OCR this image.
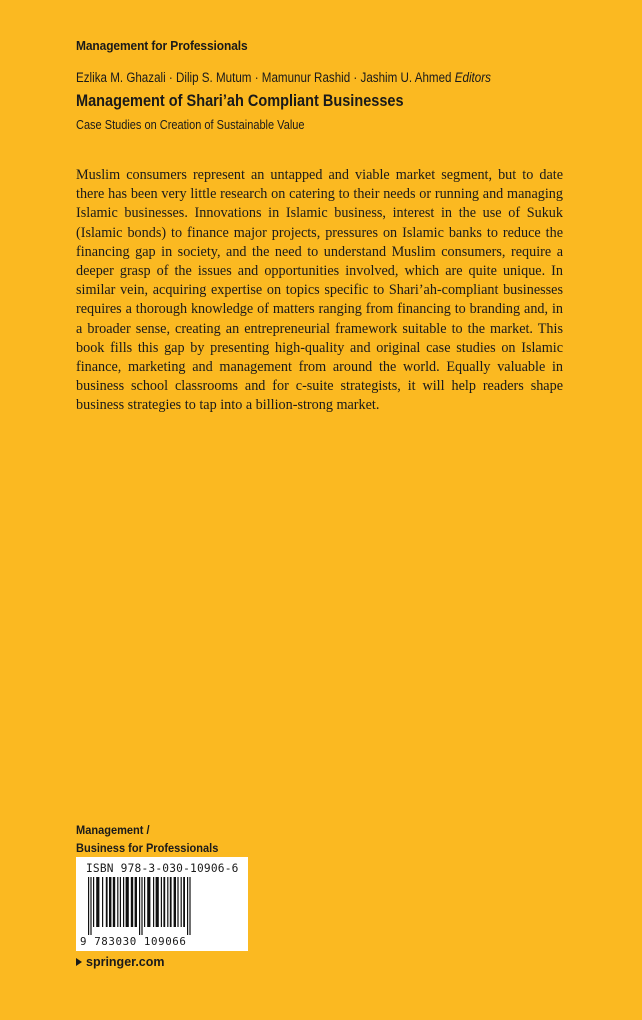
Management for Professionals
Ezlika M. Ghazali · Dilip S. Mutum · Mamunur Rashid · Jashim U. Ahmed Editors
Management of Shari’ah Compliant Businesses
Case Studies on Creation of Sustainable Value
Muslim consumers represent an untapped and viable market segment, but to date there has been very little research on catering to their needs or running and managing Islamic businesses. Innovations in Islamic business, interest in the use of Sukuk (Islamic bonds) to finance major projects, pressures on Islamic banks to reduce the financing gap in society, and the need to understand Muslim consumers, require a deeper grasp of the issues and opportunities involved, which are quite unique. In similar vein, acquiring expertise on topics specific to Shari’ah-compliant businesses requires a thorough knowledge of matters ranging from financing to branding and, in a broader sense, creating an entrepreneurial framework suitable to the market. This book fills this gap by presenting high-quality and original case studies on Islamic finance, marketing and management from around the world. Equally valuable in business school classrooms and for c-suite strategists, it will help readers shape business strategies to tap into a billion-strong market.
Management /
Business for Professionals
ISBN 978-3-030-10906-6
9 783030 109066
springer.com
